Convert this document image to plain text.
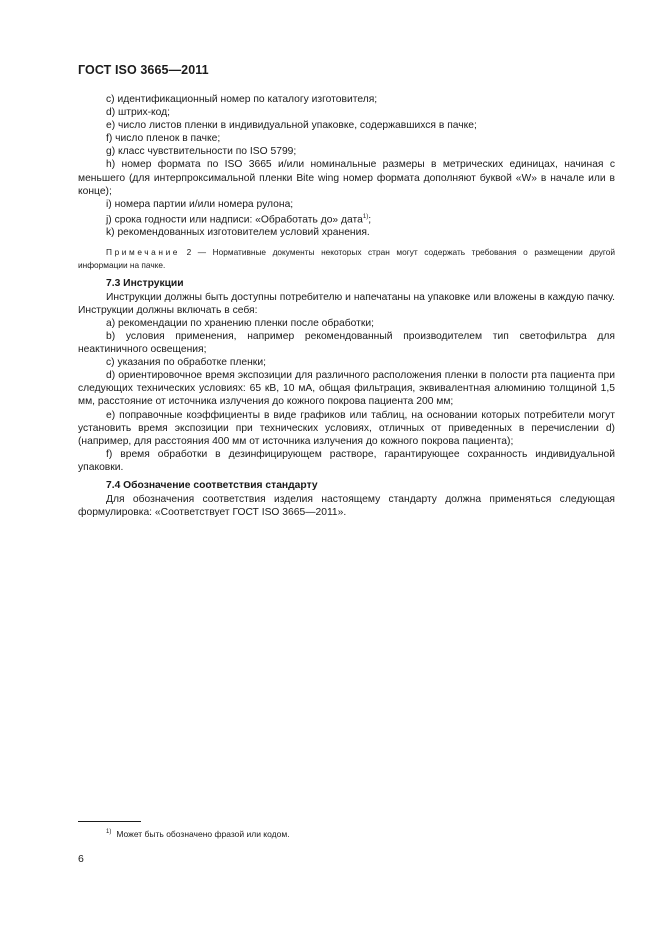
ГОСТ ISO 3665—2011

c) идентификационный номер по каталогу изготовителя;

d) штрих-код;

e) число листов пленки в индивидуальной упаковке, содержавшихся в пачке;

f) число пленок в пачке;

g) класс чувствительности по ISO 5799;

h) номер формата по ISO 3665 и/или номинальные размеры в метрических единицах, начиная с меньшего (для интерпроксимальной пленки Bite wing номер формата дополняют буквой «W» в начале или в конце);

i) номера партии и/или номера рулона;

j) срока годности или надписи: «Обработать до» дата$^{1)}$;

k) рекомендованных изготовителем условий хранения.

Примечание 2 — Нормативные документы некоторых стран могут содержать требования о размещении другой информации на пачке.

7.3 Инструкции

Инструкции должны быть доступны потребителю и напечатаны на упаковке или вложены в каждую пачку. Инструкции должны включать в себя:

a) рекомендации по хранению пленки после обработки;

b) условия применения, например рекомендованный производителем тип светофильтра для неактиничного освещения;

c) указания по обработке пленки;

d) ориентировочное время экспозиции для различного расположения пленки в полости рта пациента при следующих технических условиях: 65 кВ, 10 мА, общая фильтрация, эквивалентная алюминию толщиной 1,5 мм, расстояние от источника излучения до кожного покрова пациента 200 мм;

e) поправочные коэффициенты в виде графиков или таблиц, на основании которых потребители могут установить время экспозиции при технических условиях, отличных от приведенных в перечислении d) (например, для расстояния 400 мм от источника излучения до кожного покрова пациента);

f) время обработки в дезинфицирующем растворе, гарантирующее сохранность индивидуальной упаковки.

7.4 Обозначение соответствия стандарту

Для обозначения соответствия изделия настоящему стандарту должна применяться следующая формулировка: «Соответствует ГОСТ ISO 3665—2011».

$^{1)}$ Может быть обозначено фразой или кодом.
6
